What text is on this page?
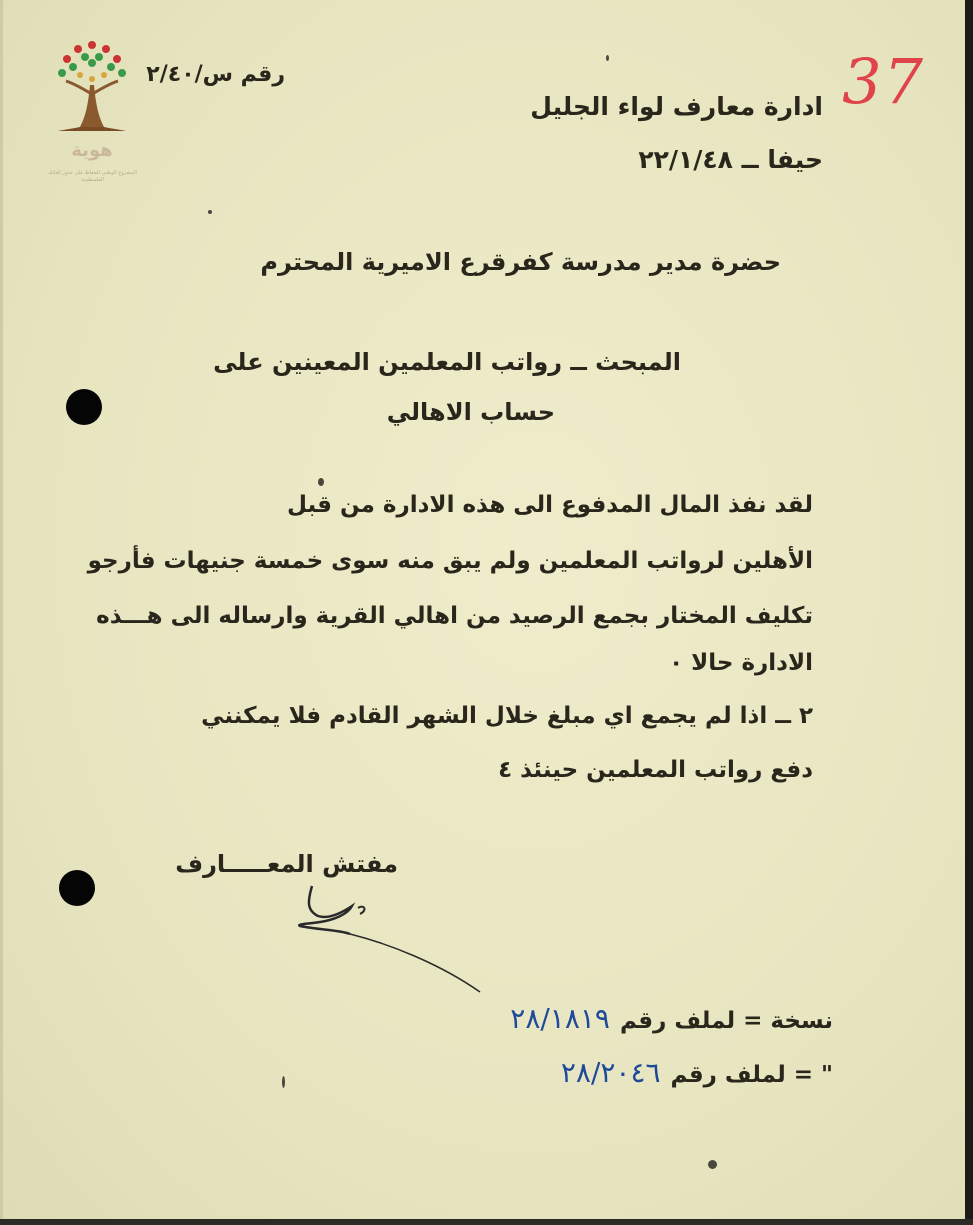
هوية
المشروع الوطني للحفاظ على جذور العائلة الفلسطينية
رقم س/٢/٤٠
ادارة معارف لواء الجليل
حيفا ــ ٢٢/١/٤٨
37
حضرة مدير مدرسة كفرقرع الاميرية المحترم
المبحث ــ رواتب المعلمين المعينين على
حساب الاهالي
لقد نفذ المال المدفوع الى هذه الادارة من قبل
الأهلين لرواتب المعلمين ولم يبق منه سوى خمسة جنيهات فأرجو
تكليف المختار بجمع الرصيد من اهالي القرية وارساله الى هـــذه
الادارة حالا ٠
٢ ــ اذا لم يجمع اي مبلغ خلال الشهر القادم فلا يمكنني
دفع رواتب المعلمين حينئذ ٤
مفتش المعـــــارف
نسخة = لملف رقم٢٨/١٨١٩
" = لملف رقم٢٨/٢٠٤٦
